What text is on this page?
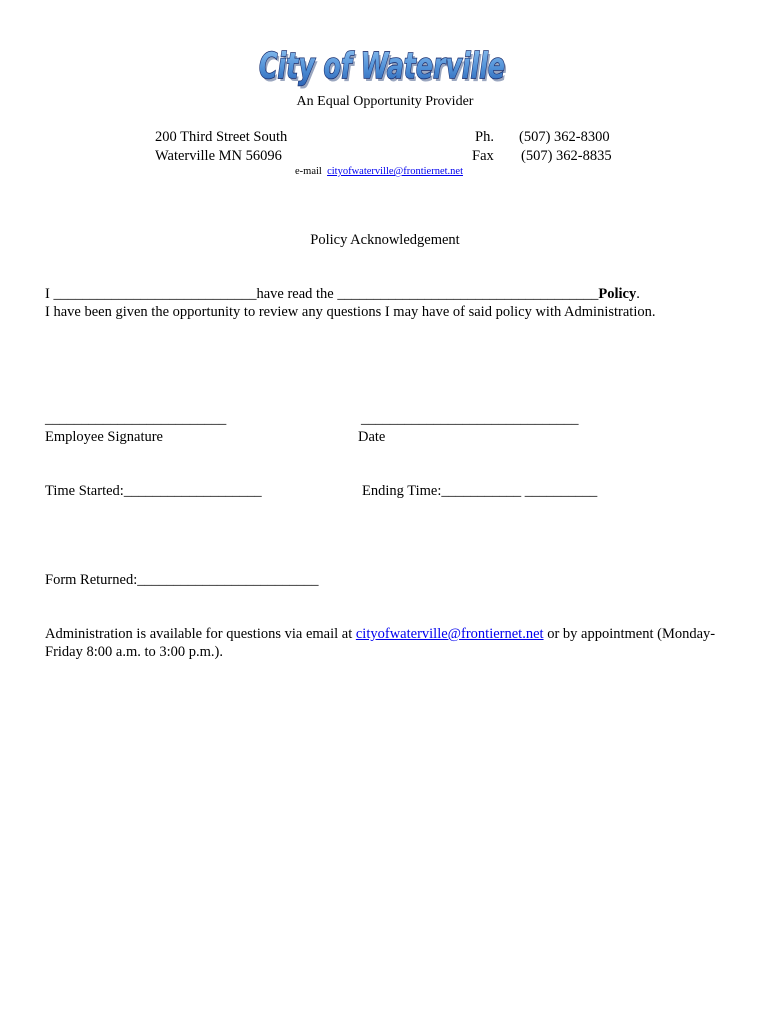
City of Waterville
City of Waterville
An Equal Opportunity Provider
200 Third Street South
Waterville MN 56096
Ph. (507) 362-8300
Fax (507) 362-8835
e-mail cityofwaterville@frontiernet.net
Policy Acknowledgement
I ____________________________have read the ____________________________________Policy.
I have been given the opportunity to review any questions I may have of said policy with Administration.
_________________________
Employee Signature
______________________________
Date
Time Started:___________________	Ending Time:___________ __________
Form Returned:_________________________
Administration is available for questions via email at cityofwaterville@frontiernet.net or by appointment (Monday-Friday 8:00 a.m. to 3:00 p.m.).
